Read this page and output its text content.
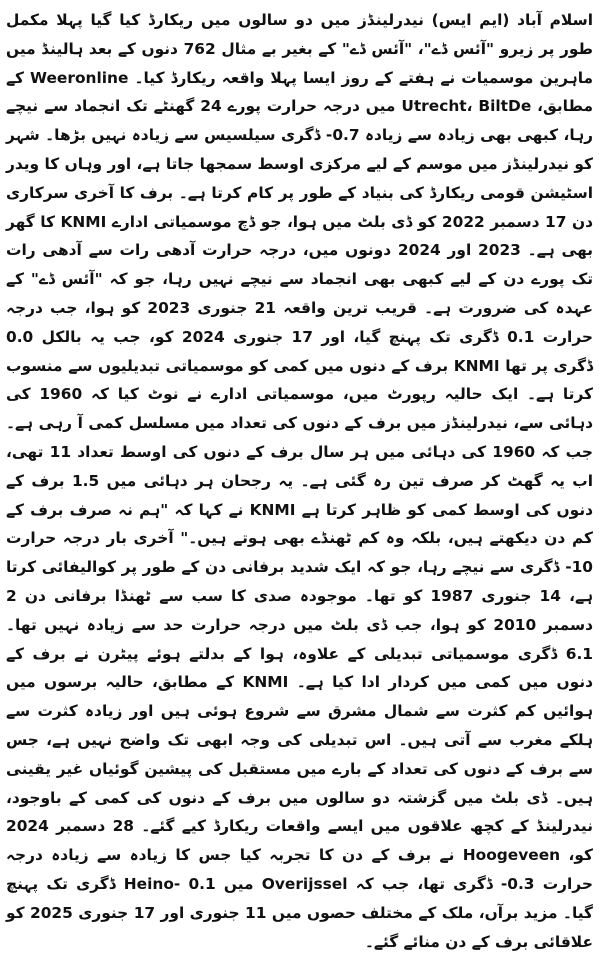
اسلام آباد (ایم ایس) نیدرلینڈز میں دو سالوں میں ریکارڈ کیا گیا پہلا مکمل طور پر زیرو "آئس ڈے"، "آئس ڈے" کے بغیر بے مثال 762 دنوں کے بعد ہالینڈ میں ماہرین موسمیات نے ہفتے کے روز ایسا پہلا واقعہ ریکارڈ کیا۔ Weeronline کے مطابق، Utrecht، BiltDe میں درجہ حرارت پورے 24 گھنٹے تک انجماد سے نیچے رہا، کبھی بھی زیادہ سے زیادہ 0.7- ڈگری سیلسیس سے زیادہ نہیں بڑھا۔ شہر کو نیدرلینڈز میں موسم کے لیے مرکزی اوسط سمجھا جاتا ہے، اور وہاں کا ویدر اسٹیشن قومی ریکارڈ کی بنیاد کے طور پر کام کرتا ہے۔ برف کا آخری سرکاری دن 17 دسمبر 2022 کو ڈی بلٹ میں ہوا، جو ڈچ موسمیاتی ادارے KNMI کا گھر بھی ہے۔ 2023 اور 2024 دونوں میں، درجہ حرارت آدھی رات سے آدھی رات تک پورے دن کے لیے کبھی بھی انجماد سے نیچے نہیں رہا، جو کہ "آئس ڈے" کے عہدہ کی ضرورت ہے۔ قریب ترین واقعہ 21 جنوری 2023 کو ہوا، جب درجہ حرارت 0.1 ڈگری تک پہنچ گیا، اور 17 جنوری 2024 کو، جب یہ بالکل 0.0 ڈگری پر تھا KNMI برف کے دنوں میں کمی کو موسمیاتی تبدیلیوں سے منسوب کرتا ہے۔ ایک حالیہ رپورٹ میں، موسمیاتی ادارے نے نوٹ کیا کہ 1960 کی دہائی سے، نیدرلینڈز میں برف کے دنوں کی تعداد میں مسلسل کمی آ رہی ہے۔ جب کہ 1960 کی دہائی میں ہر سال برف کے دنوں کی اوسط تعداد 11 تھی، اب یہ گھٹ کر صرف تین رہ گئی ہے۔ یہ رجحان ہر دہائی میں 1.5 برف کے دنوں کی اوسط کمی کو ظاہر کرتا ہے KNMI نے کہا کہ "ہم نہ صرف برف کے کم دن دیکھتے ہیں، بلکہ وہ کم ٹھنڈے بھی ہوتے ہیں۔" آخری بار درجہ حرارت 10- ڈگری سے نیچے رہا، جو کہ ایک شدید برفانی دن کے طور پر کوالیفائی کرتا ہے، 14 جنوری 1987 کو تھا۔ موجودہ صدی کا سب سے ٹھنڈا برفانی دن 2 دسمبر 2010 کو ہوا، جب ڈی بلٹ میں درجہ حرارت حد سے زیادہ نہیں تھا۔ 6.1 ڈگری موسمیاتی تبدیلی کے علاوہ، ہوا کے بدلتے ہوئے پیٹرن نے برف کے دنوں میں کمی میں کردار ادا کیا ہے۔ KNMI کے مطابق، حالیہ برسوں میں ہوائیں کم کثرت سے شمال مشرق سے شروع ہوئی ہیں اور زیادہ کثرت سے ہلکے مغرب سے آتی ہیں۔ اس تبدیلی کی وجہ ابھی تک واضح نہیں ہے، جس سے برف کے دنوں کی تعداد کے بارے میں مستقبل کی پیشین گوئیاں غیر یقینی ہیں۔ ڈی بلٹ میں گزشتہ دو سالوں میں برف کے دنوں کی کمی کے باوجود، نیدرلینڈ کے کچھ علاقوں میں ایسے واقعات ریکارڈ کیے گئے۔ 28 دسمبر 2024 کو، Hoogeveen نے برف کے دن کا تجربہ کیا جس کا زیادہ سے زیادہ درجہ حرارت 0.3- ڈگری تھا، جب کہ Overijssel میں Heino- 0.1 ڈگری تک پہنچ گیا۔ مزید برآں، ملک کے مختلف حصوں میں 11 جنوری اور 17 جنوری 2025 کو علاقائی برف کے دن منائے گئے۔
